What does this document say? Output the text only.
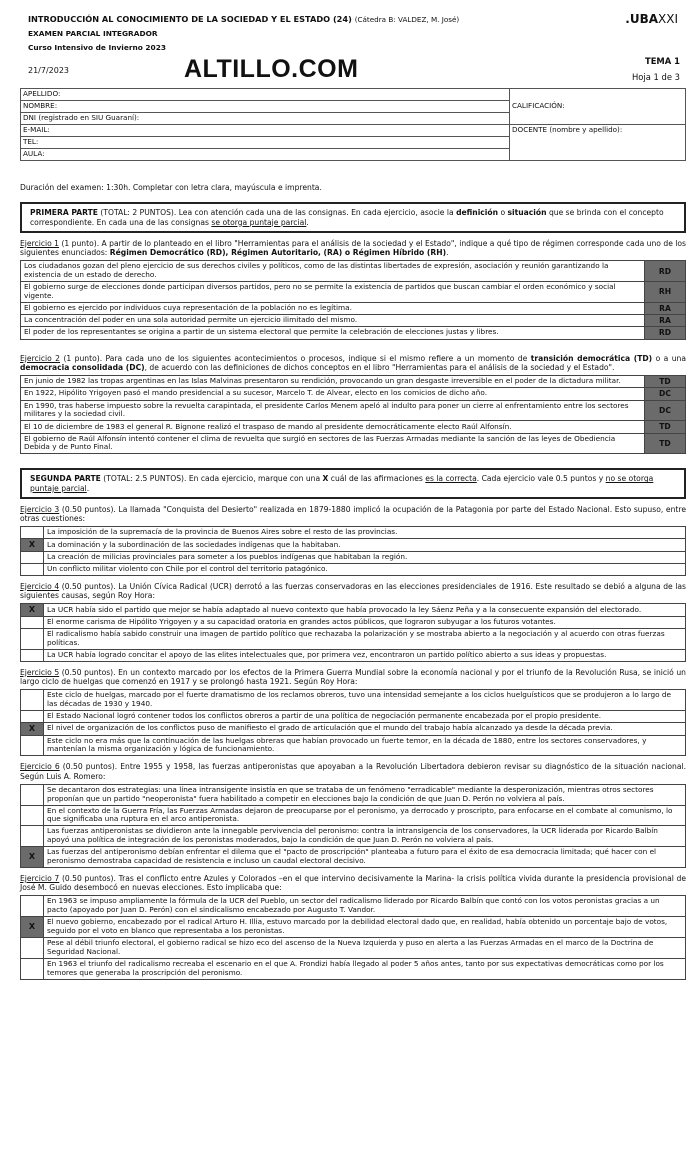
INTRODUCCIÓN AL CONOCIMIENTO DE LA SOCIEDAD Y EL ESTADO (24) (Cátedra B: VALDEZ, M. José)
EXAMEN PARCIAL INTEGRADOR
Curso Intensivo de Invierno 2023
21/7/2023	ALTILLO.COM
.UBAXXI
TEMA 1
Hoja 1 de 3
APELLIDO:	CALIFICACIÓN:
NOMBRE:	
DNI (registrado en SIU Guaraní):	
E-MAIL:	DOCENTE (nombre y apellido):
TEL:	
AULA:	
Duración del examen: 1:30h. Completar con letra clara, mayúscula e imprenta.
PRIMERA PARTE (TOTAL: 2 PUNTOS). Lea con atención cada una de las consignas. En cada ejercicio, asocie la definición o situación que se brinda con el concepto correspondiente. En cada una de las consignas se otorga puntaje parcial.
Ejercicio 1 (1 punto). A partir de lo planteado en el libro "Herramientas para el análisis de la sociedad y el Estado", indique a qué tipo de régimen corresponde cada uno de los siguientes enunciados: Régimen Democrático (RD), Régimen Autoritario, (RA) o Régimen Híbrido (RH).
Los ciudadanos gozan del pleno ejercicio de sus derechos civiles y políticos, como de las distintas libertades de expresión, asociación y reunión garantizando la existencia de un estado de derecho.	RD
El gobierno surge de elecciones donde participan diversos partidos, pero no se permite la existencia de partidos que buscan cambiar el orden económico y social vigente.	RH
El gobierno es ejercido por individuos cuya representación de la población no es legítima.	RA
La concentración del poder en una sola autoridad permite un ejercicio ilimitado del mismo.	RA
El poder de los representantes se origina a partir de un sistema electoral que permite la celebración de elecciones justas y libres.	RD
Ejercicio 2 (1 punto). Para cada uno de los siguientes acontecimientos o procesos, indique si el mismo refiere a un momento de transición democrática (TD) o a una democracia consolidada (DC), de acuerdo con las definiciones de dichos conceptos en el libro "Herramientas para el análisis de la sociedad y el Estado".
En junio de 1982 las tropas argentinas en las Islas Malvinas presentaron su rendición, provocando un gran desgaste irreversible en el poder de la dictadura militar.	TD
En 1922, Hipólito Yrigoyen pasó el mando presidencial a su sucesor, Marcelo T. de Alvear, electo en los comicios de dicho año.	DC
En 1990, tras haberse impuesto sobre la revuelta carapintada, el presidente Carlos Menem apeló al indulto para poner un cierre al enfrentamiento entre los sectores militares y la sociedad civil.	DC
El 10 de diciembre de 1983 el general R. Bignone realizó el traspaso de mando al presidente democráticamente electo Raúl Alfonsín.	TD
El gobierno de Raúl Alfonsín intentó contener el clima de revuelta que surgió en sectores de las Fuerzas Armadas mediante la sanción de las leyes de Obediencia Debida y de Punto Final.	TD
SEGUNDA PARTE (TOTAL: 2.5 PUNTOS). En cada ejercicio, marque con una X cuál de las afirmaciones es la correcta. Cada ejercicio vale 0.5 puntos y no se otorga puntaje parcial.
Ejercicio 3 (0.50 puntos). La llamada "Conquista del Desierto" realizada en 1879-1880 implicó la ocupación de la Patagonia por parte del Estado Nacional. Esto supuso, entre otras cuestiones:
	La imposición de la supremacía de la provincia de Buenos Aires sobre el resto de las provincias.
X	La dominación y la subordinación de las sociedades indígenas que la habitaban.
	La creación de milicias provinciales para someter a los pueblos indígenas que habitaban la región.
	Un conflicto militar violento con Chile por el control del territorio patagónico.
Ejercicio 4 (0.50 puntos). La Unión Cívica Radical (UCR) derrotó a las fuerzas conservadoras en las elecciones presidenciales de 1916. Este resultado se debió a alguna de las siguientes causas, según Roy Hora:
X	La UCR había sido el partido que mejor se había adaptado al nuevo contexto que había provocado la ley Sáenz Peña y a la consecuente expansión del electorado.
	El enorme carisma de Hipólito Yrigoyen y a su capacidad oratoria en grandes actos públicos, que lograron subyugar a los futuros votantes.
	El radicalismo había sabido construir una imagen de partido político que rechazaba la polarización y se mostraba abierto a la negociación y al acuerdo con otras fuerzas políticas.
	La UCR había logrado concitar el apoyo de las elites intelectuales que, por primera vez, encontraron un partido político abierto a sus ideas y propuestas.
Ejercicio 5 (0.50 puntos). En un contexto marcado por los efectos de la Primera Guerra Mundial sobre la economía nacional y por el triunfo de la Revolución Rusa, se inició un largo ciclo de huelgas que comenzó en 1917 y se prolongó hasta 1921. Según Roy Hora:
	Este ciclo de huelgas, marcado por el fuerte dramatismo de los reclamos obreros, tuvo una intensidad semejante a los ciclos huelguísticos que se produjeron a lo largo de las décadas de 1930 y 1940.
	El Estado Nacional logró contener todos los conflictos obreros a partir de una política de negociación permanente encabezada por el propio presidente.
X	El nivel de organización de los conflictos puso de manifiesto el grado de articulación que el mundo del trabajo había alcanzado ya desde la década previa.
	Este ciclo no era más que la continuación de las huelgas obreras que habían provocado un fuerte temor, en la década de 1880, entre los sectores conservadores, y mantenían la misma organización y lógica de funcionamiento.
Ejercicio 6 (0.50 puntos). Entre 1955 y 1958, las fuerzas antiperonistas que apoyaban a la Revolución Libertadora debieron revisar su diagnóstico de la situación nacional. Según Luis A. Romero:
	Se decantaron dos estrategias: una línea intransigente insistía en que se trataba de un fenómeno "erradicable" mediante la desperonización, mientras otros sectores proponían que un partido "neoperonista" fuera habilitado a competir en elecciones bajo la condición de que Juan D. Perón no volviera al país.
	En el contexto de la Guerra Fría, las Fuerzas Armadas dejaron de preocuparse por el peronismo, ya derrocado y proscripto, para enfocarse en el combate al comunismo, lo que significaba una ruptura en el arco antiperonista.
	Las fuerzas antiperonistas se dividieron ante la innegable pervivencia del peronismo: contra la intransigencia de los conservadores, la UCR liderada por Ricardo Balbín apoyó una política de integración de los peronistas moderados, bajo la condición de que Juan D. Perón no volviera al país.
X	Las fuerzas del antiperonismo debían enfrentar el dilema que el "pacto de proscripción" planteaba a futuro para el éxito de esa democracia limitada; qué hacer con el peronismo demostraba capacidad de resistencia e incluso un caudal electoral decisivo.
Ejercicio 7 (0.50 puntos). Tras el conflicto entre Azules y Colorados –en el que intervino decisivamente la Marina- la crisis política vivida durante la presidencia provisional de José M. Guido desembocó en nuevas elecciones. Esto implicaba que:
	En 1963 se impuso ampliamente la fórmula de la UCR del Pueblo, un sector del radicalismo liderado por Ricardo Balbín que contó con los votos peronistas gracias a un pacto (apoyado por Juan D. Perón) con el sindicalismo encabezado por Augusto T. Vandor.
X	El nuevo gobierno, encabezado por el radical Arturo H. Illia, estuvo marcado por la debilidad electoral dado que, en realidad, había obtenido un porcentaje bajo de votos, seguido por el voto en blanco que representaba a los peronistas.
	Pese al débil triunfo electoral, el gobierno radical se hizo eco del ascenso de la Nueva Izquierda y puso en alerta a las Fuerzas Armadas en el marco de la Doctrina de Seguridad Nacional.
	En 1963 el triunfo del radicalismo recreaba el escenario en el que A. Frondizi había llegado al poder 5 años antes, tanto por sus expectativas democráticas como por los temores que generaba la proscripción del peronismo.
